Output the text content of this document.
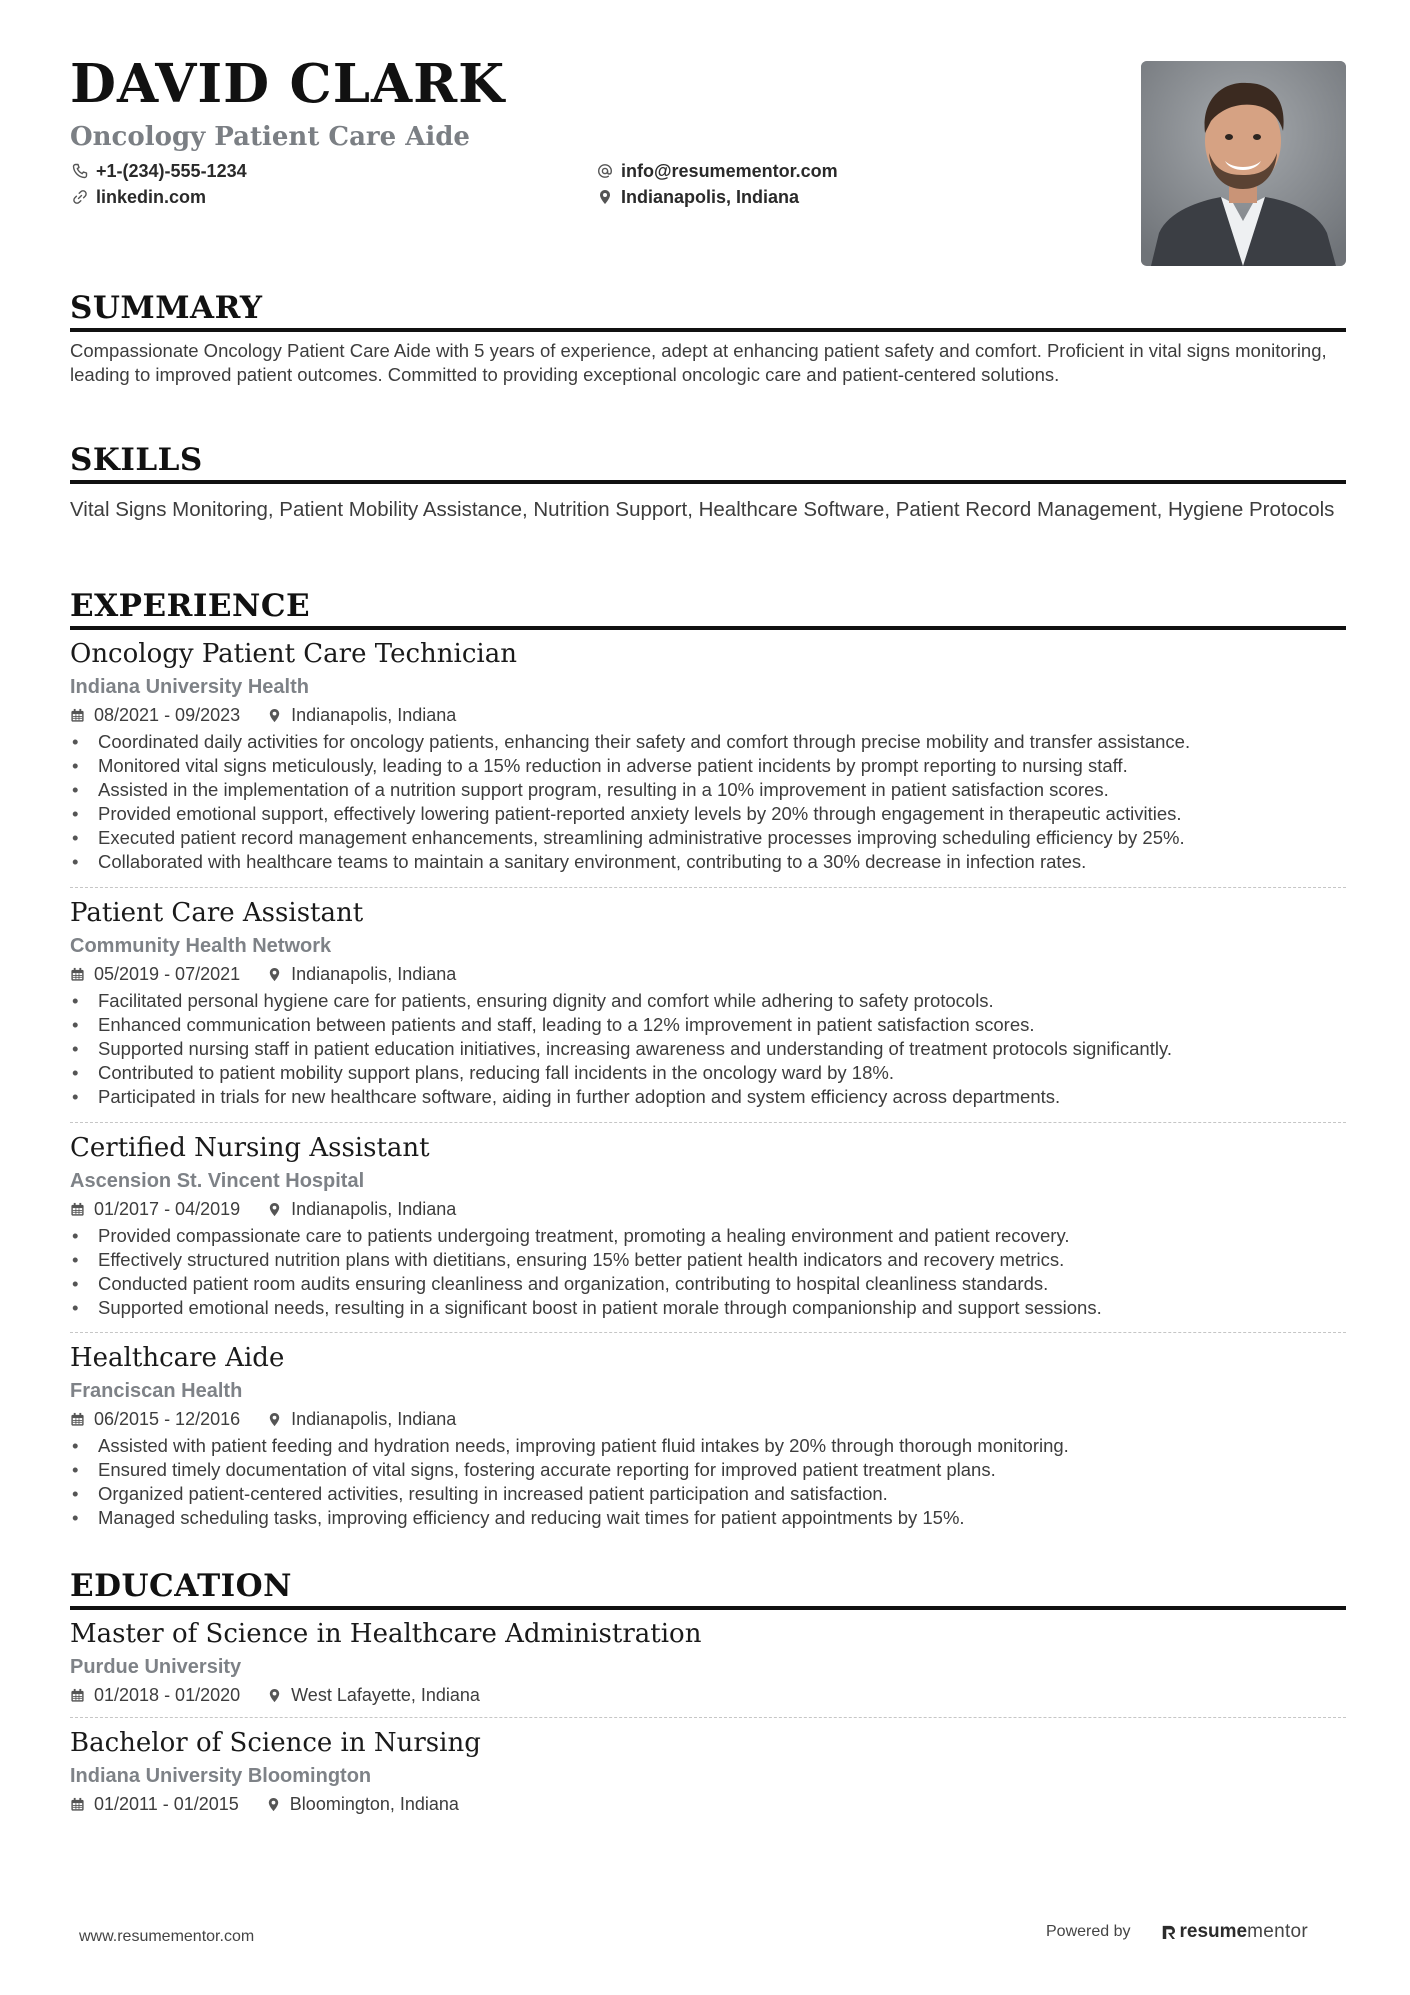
DAVID CLARK
Oncology Patient Care Aide
+1-(234)-555-1234
linkedin.com
info@resumementor.com
Indianapolis, Indiana
SUMMARY
Compassionate Oncology Patient Care Aide with 5 years of experience, adept at enhancing patient safety and comfort. Proficient in vital signs monitoring, leading to improved patient outcomes. Committed to providing exceptional oncologic care and patient-centered solutions.
SKILLS
Vital Signs Monitoring, Patient Mobility Assistance, Nutrition Support, Healthcare Software, Patient Record Management, Hygiene Protocols
EXPERIENCE
Oncology Patient Care Technician
Indiana University Health
08/2021 - 09/2023	Indianapolis, Indiana
• Coordinated daily activities for oncology patients, enhancing their safety and comfort through precise mobility and transfer assistance.
• Monitored vital signs meticulously, leading to a 15% reduction in adverse patient incidents by prompt reporting to nursing staff.
• Assisted in the implementation of a nutrition support program, resulting in a 10% improvement in patient satisfaction scores.
• Provided emotional support, effectively lowering patient-reported anxiety levels by 20% through engagement in therapeutic activities.
• Executed patient record management enhancements, streamlining administrative processes improving scheduling efficiency by 25%.
• Collaborated with healthcare teams to maintain a sanitary environment, contributing to a 30% decrease in infection rates.
Patient Care Assistant
Community Health Network
05/2019 - 07/2021	Indianapolis, Indiana
• Facilitated personal hygiene care for patients, ensuring dignity and comfort while adhering to safety protocols.
• Enhanced communication between patients and staff, leading to a 12% improvement in patient satisfaction scores.
• Supported nursing staff in patient education initiatives, increasing awareness and understanding of treatment protocols significantly.
• Contributed to patient mobility support plans, reducing fall incidents in the oncology ward by 18%.
• Participated in trials for new healthcare software, aiding in further adoption and system efficiency across departments.
Certified Nursing Assistant
Ascension St. Vincent Hospital
01/2017 - 04/2019	Indianapolis, Indiana
• Provided compassionate care to patients undergoing treatment, promoting a healing environment and patient recovery.
• Effectively structured nutrition plans with dietitians, ensuring 15% better patient health indicators and recovery metrics.
• Conducted patient room audits ensuring cleanliness and organization, contributing to hospital cleanliness standards.
• Supported emotional needs, resulting in a significant boost in patient morale through companionship and support sessions.
Healthcare Aide
Franciscan Health
06/2015 - 12/2016	Indianapolis, Indiana
• Assisted with patient feeding and hydration needs, improving patient fluid intakes by 20% through thorough monitoring.
• Ensured timely documentation of vital signs, fostering accurate reporting for improved patient treatment plans.
• Organized patient-centered activities, resulting in increased patient participation and satisfaction.
• Managed scheduling tasks, improving efficiency and reducing wait times for patient appointments by 15%.
EDUCATION
Master of Science in Healthcare Administration
Purdue University
01/2018 - 01/2020	West Lafayette, Indiana
Bachelor of Science in Nursing
Indiana University Bloomington
01/2011 - 01/2015	Bloomington, Indiana
www.resumementor.com	Powered by	resume mentor
